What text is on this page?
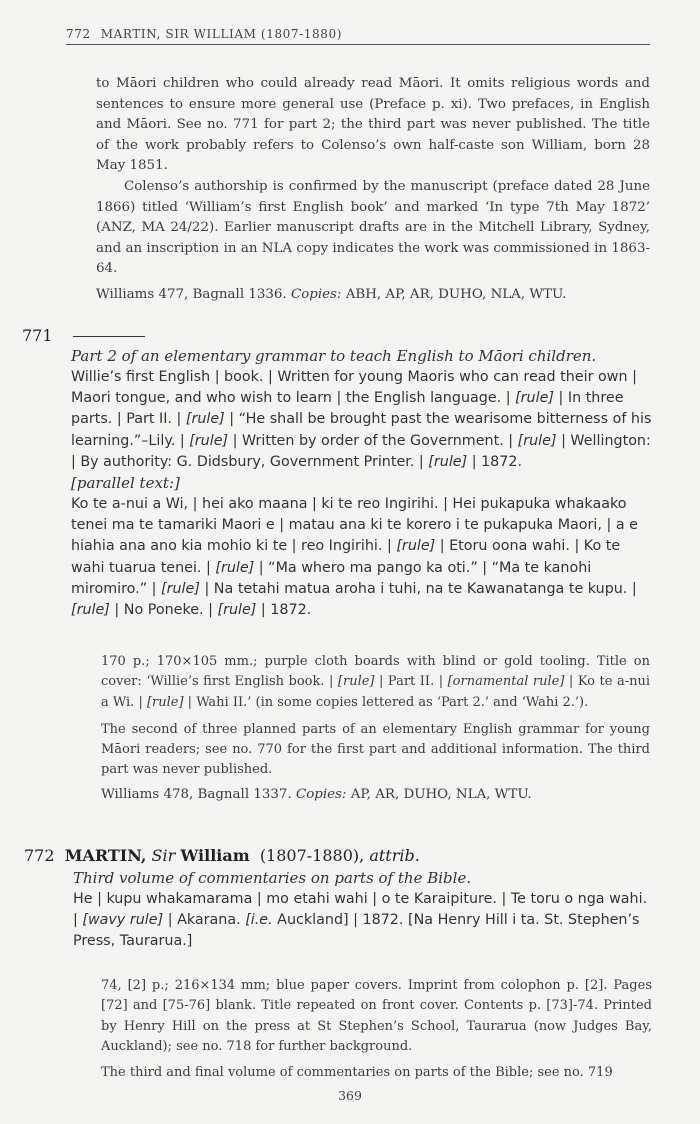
772 MARTIN, SIR WILLIAM (1807-1880)

to Māori children who could already read Māori. It omits religious words and sentences to ensure more general use (Preface p. xi). Two prefaces, in English and Māori. See no. 771 for part 2; the third part was never published. The title of the work probably refers to Colenso’s own half-caste son William, born 28 May 1851.

Colenso’s authorship is confirmed by the manuscript (preface dated 28 June 1866) titled ‘William’s first English book’ and marked ‘In type 7th May 1872’ (ANZ, MA 24/22). Earlier manuscript drafts are in the Mitchell Library, Sydney, and an inscription in an NLA copy indicates the work was commissioned in 1863-64.

Williams 477, Bagnall 1336. Copies: ABH, AP, AR, DUHO, NLA, WTU.

771

Part 2 of an elementary grammar to teach English to Māori children.

Willie’s first English | book. | Written for young Maoris who can read their own | Maori tongue, and who wish to learn | the English language. | [rule] | In three parts. | Part II. | [rule] | “He shall be brought past the wearisome bitterness of his learning.”–Lily. | [rule] | Written by order of the Government. | [rule] | Wellington: | By authority: G. Didsbury, Government Printer. | [rule] | 1872.

[parallel text:]

Ko te a-nui a Wi, | hei ako maana | ki te reo Ingirihi. | Hei pukapuka whakaako tenei ma te tamariki Maori e | matau ana ki te korero i te pukapuka Maori, | a e hiahia ana ano kia mohio ki te | reo Ingirihi. | [rule] | Etoru oona wahi. | Ko te wahi tuarua tenei. | [rule] | “Ma whero ma pango ka oti.” | “Ma te kanohi miromiro.” | [rule] | Na tetahi matua aroha i tuhi, na te Kawanatanga te kupu. | [rule] | No Poneke. | [rule] | 1872.

170 p.; 170×105 mm.; purple cloth boards with blind or gold tooling. Title on cover: ‘Willie’s first English book. | [rule] | Part II. | [ornamental rule] | Ko te a-nui a Wi. | [rule] | Wahi II.’ (in some copies lettered as ‘Part 2.’ and ‘Wahi 2.’).

The second of three planned parts of an elementary English grammar for young Māori readers; see no. 770 for the first part and additional information. The third part was never published.

Williams 478, Bagnall 1337. Copies: AP, AR, DUHO, NLA, WTU.

772 MARTIN, Sir William (1807-1880), attrib.

Third volume of commentaries on parts of the Bible.

He | kupu whakamarama | mo etahi wahi | o te Karaipiture. | Te toru o nga wahi. | [wavy rule] | Akarana. [i.e. Auckland] | 1872. [Na Henry Hill i ta. St. Stephen’s Press, Taurarua.]

74, [2] p.; 216×134 mm; blue paper covers. Imprint from colophon p. [2]. Pages [72] and [75-76] blank. Title repeated on front cover. Contents p. [73]-74. Printed by Henry Hill on the press at St Stephen’s School, Taurarua (now Judges Bay, Auckland); see no. 718 for further background.

The third and final volume of commentaries on parts of the Bible; see no. 719

369
